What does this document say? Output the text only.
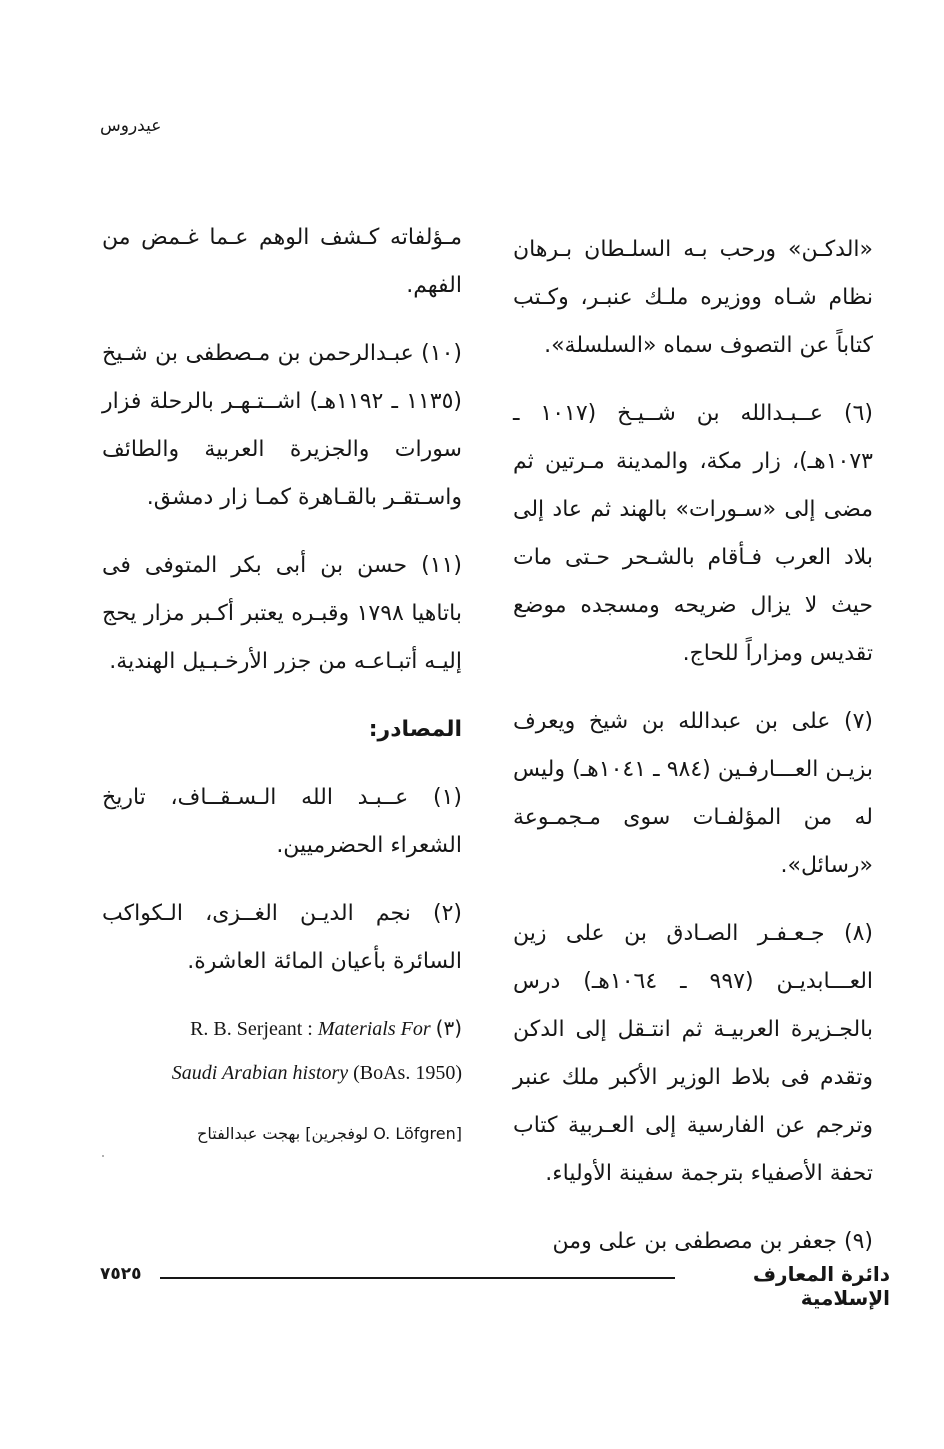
عيدروس

«الدكـن» ورحب بـه السلـطان بـرهان نظام شـاه ووزيره ملـك عنبـر، وكـتب كتاباً عن التصوف سماه «السلسلة».

(٦) عــبـدالله بن شــيـخ (١٠١٧ ـ ١٠٧٣هـ)، زار مكة، والمدينة مـرتين ثم مضى إلى «سـورات» بالهند ثم عاد إلى بلاد العرب فـأقام بالشـحر حـتى مات حيث لا يزال ضريحه ومسجده موضع تقديس ومزاراً للحاج.

(٧) على بن عبدالله بن شيخ ويعرف بزيـن العـــارفـين (٩٨٤ ـ ١٠٤١هـ) وليس له من المؤلفـات سوى مـجمـوعة «رسائل».

(٨) جـعـفـر الصـادق بن على زين العـــابديـن (٩٩٧ ـ ١٠٦٤هـ) درس بالجـزيرة العربيـة ثم انتـقل إلى الدكن وتقدم فى بلاط الوزير الأكبر ملك عنبر وترجم عن الفارسية إلى العـربية كتاب تحفة الأصفياء بترجمة سفينة الأولياء.

(٩) جعفر بن مصطفى بن على ومن

مـؤلفاته كـشف الوهم عـما غـمض من الفهم.

(١٠) عبـدالرحمن بن مـصطفى بن شـيخ (١١٣٥ ـ ١١٩٢هـ) اشــتـهـر بالرحلة فزار سورات والجزيرة العربية والطائف واسـتقـر بالقـاهرة كمـا زار دمشق.

(١١) حسن بن أبى بكر المتوفى فى باتاهيا ١٧٩٨ وقبـره يعتبر أكـبر مزار يحج إليـه أتبـاعـه من جزر الأرخـبـيل الهندية.

المصادر:

(١) عــبـد الله الـسـقــاف، تاريخ الشعراء الحضرميين.

(٢) نجم الديـن الغــزى، الـكواكب السائرة بأعيان المائة العاشرة.

R. B. Serjeant : Materials For (٣)
Saudi Arabian history (BoAs. 1950)

بهجت عبدالفتاح [لوفجرين O. Löfgren]

دائرة المعارف الإسلامية
٧٥٢٥
